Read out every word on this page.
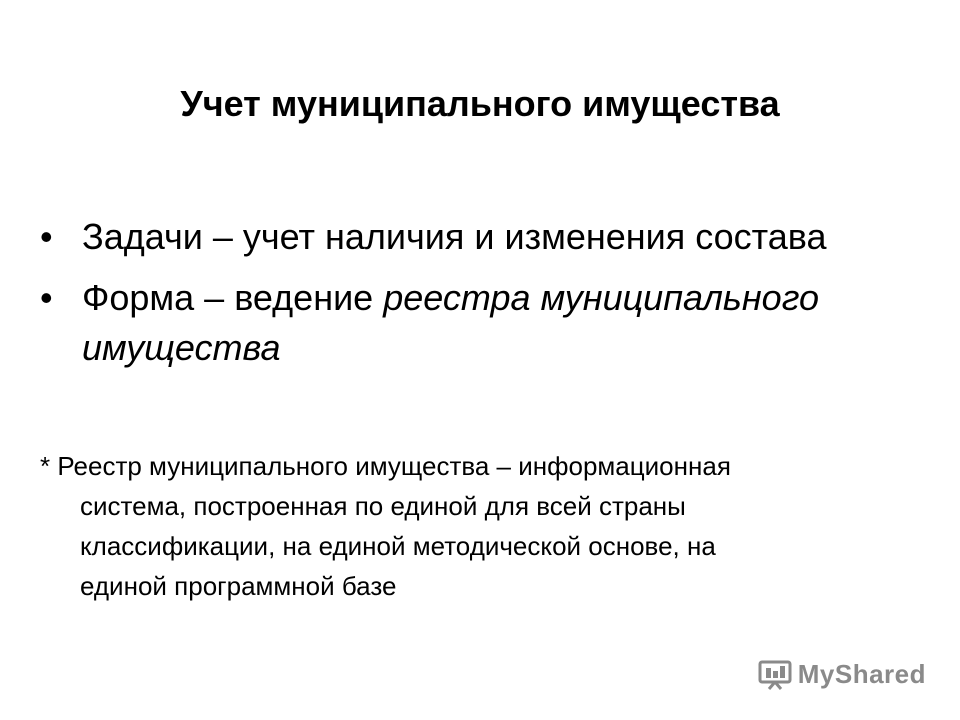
Учет муниципального имущества
• Задачи – учет наличия и изменения состава
• Форма – ведение реестра муниципального имущества
* Реестр муниципального имущества – информационная
система, построенная по единой для всей страны
классификации, на единой методической основе, на
единой программной базе
MyShared
